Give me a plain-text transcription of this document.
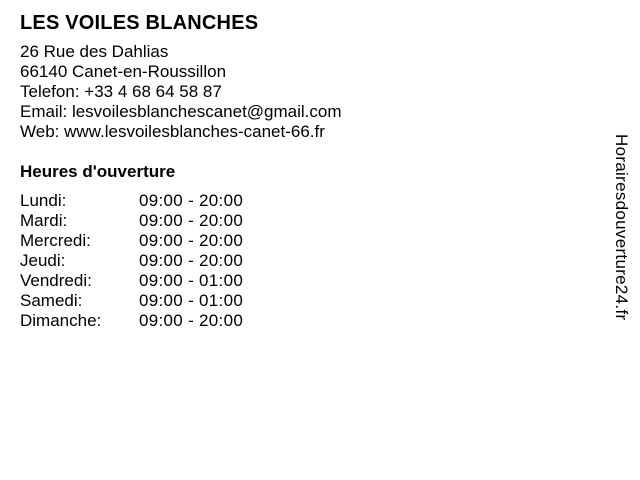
LES VOILES BLANCHES
26 Rue des Dahlias
66140 Canet-en-Roussillon
Telefon: +33 4 68 64 58 87
Email: lesvoilesblanchescanet@gmail.com
Web: www.lesvoilesblanches-canet-66.fr
Heures d'ouverture
Lundi:	09:00 - 20:00
Mardi:	09:00 - 20:00
Mercredi:	09:00 - 20:00
Jeudi:	09:00 - 20:00
Vendredi:	09:00 - 01:00
Samedi:	09:00 - 01:00
Dimanche:	09:00 - 20:00
Horairesdouverture24.fr
